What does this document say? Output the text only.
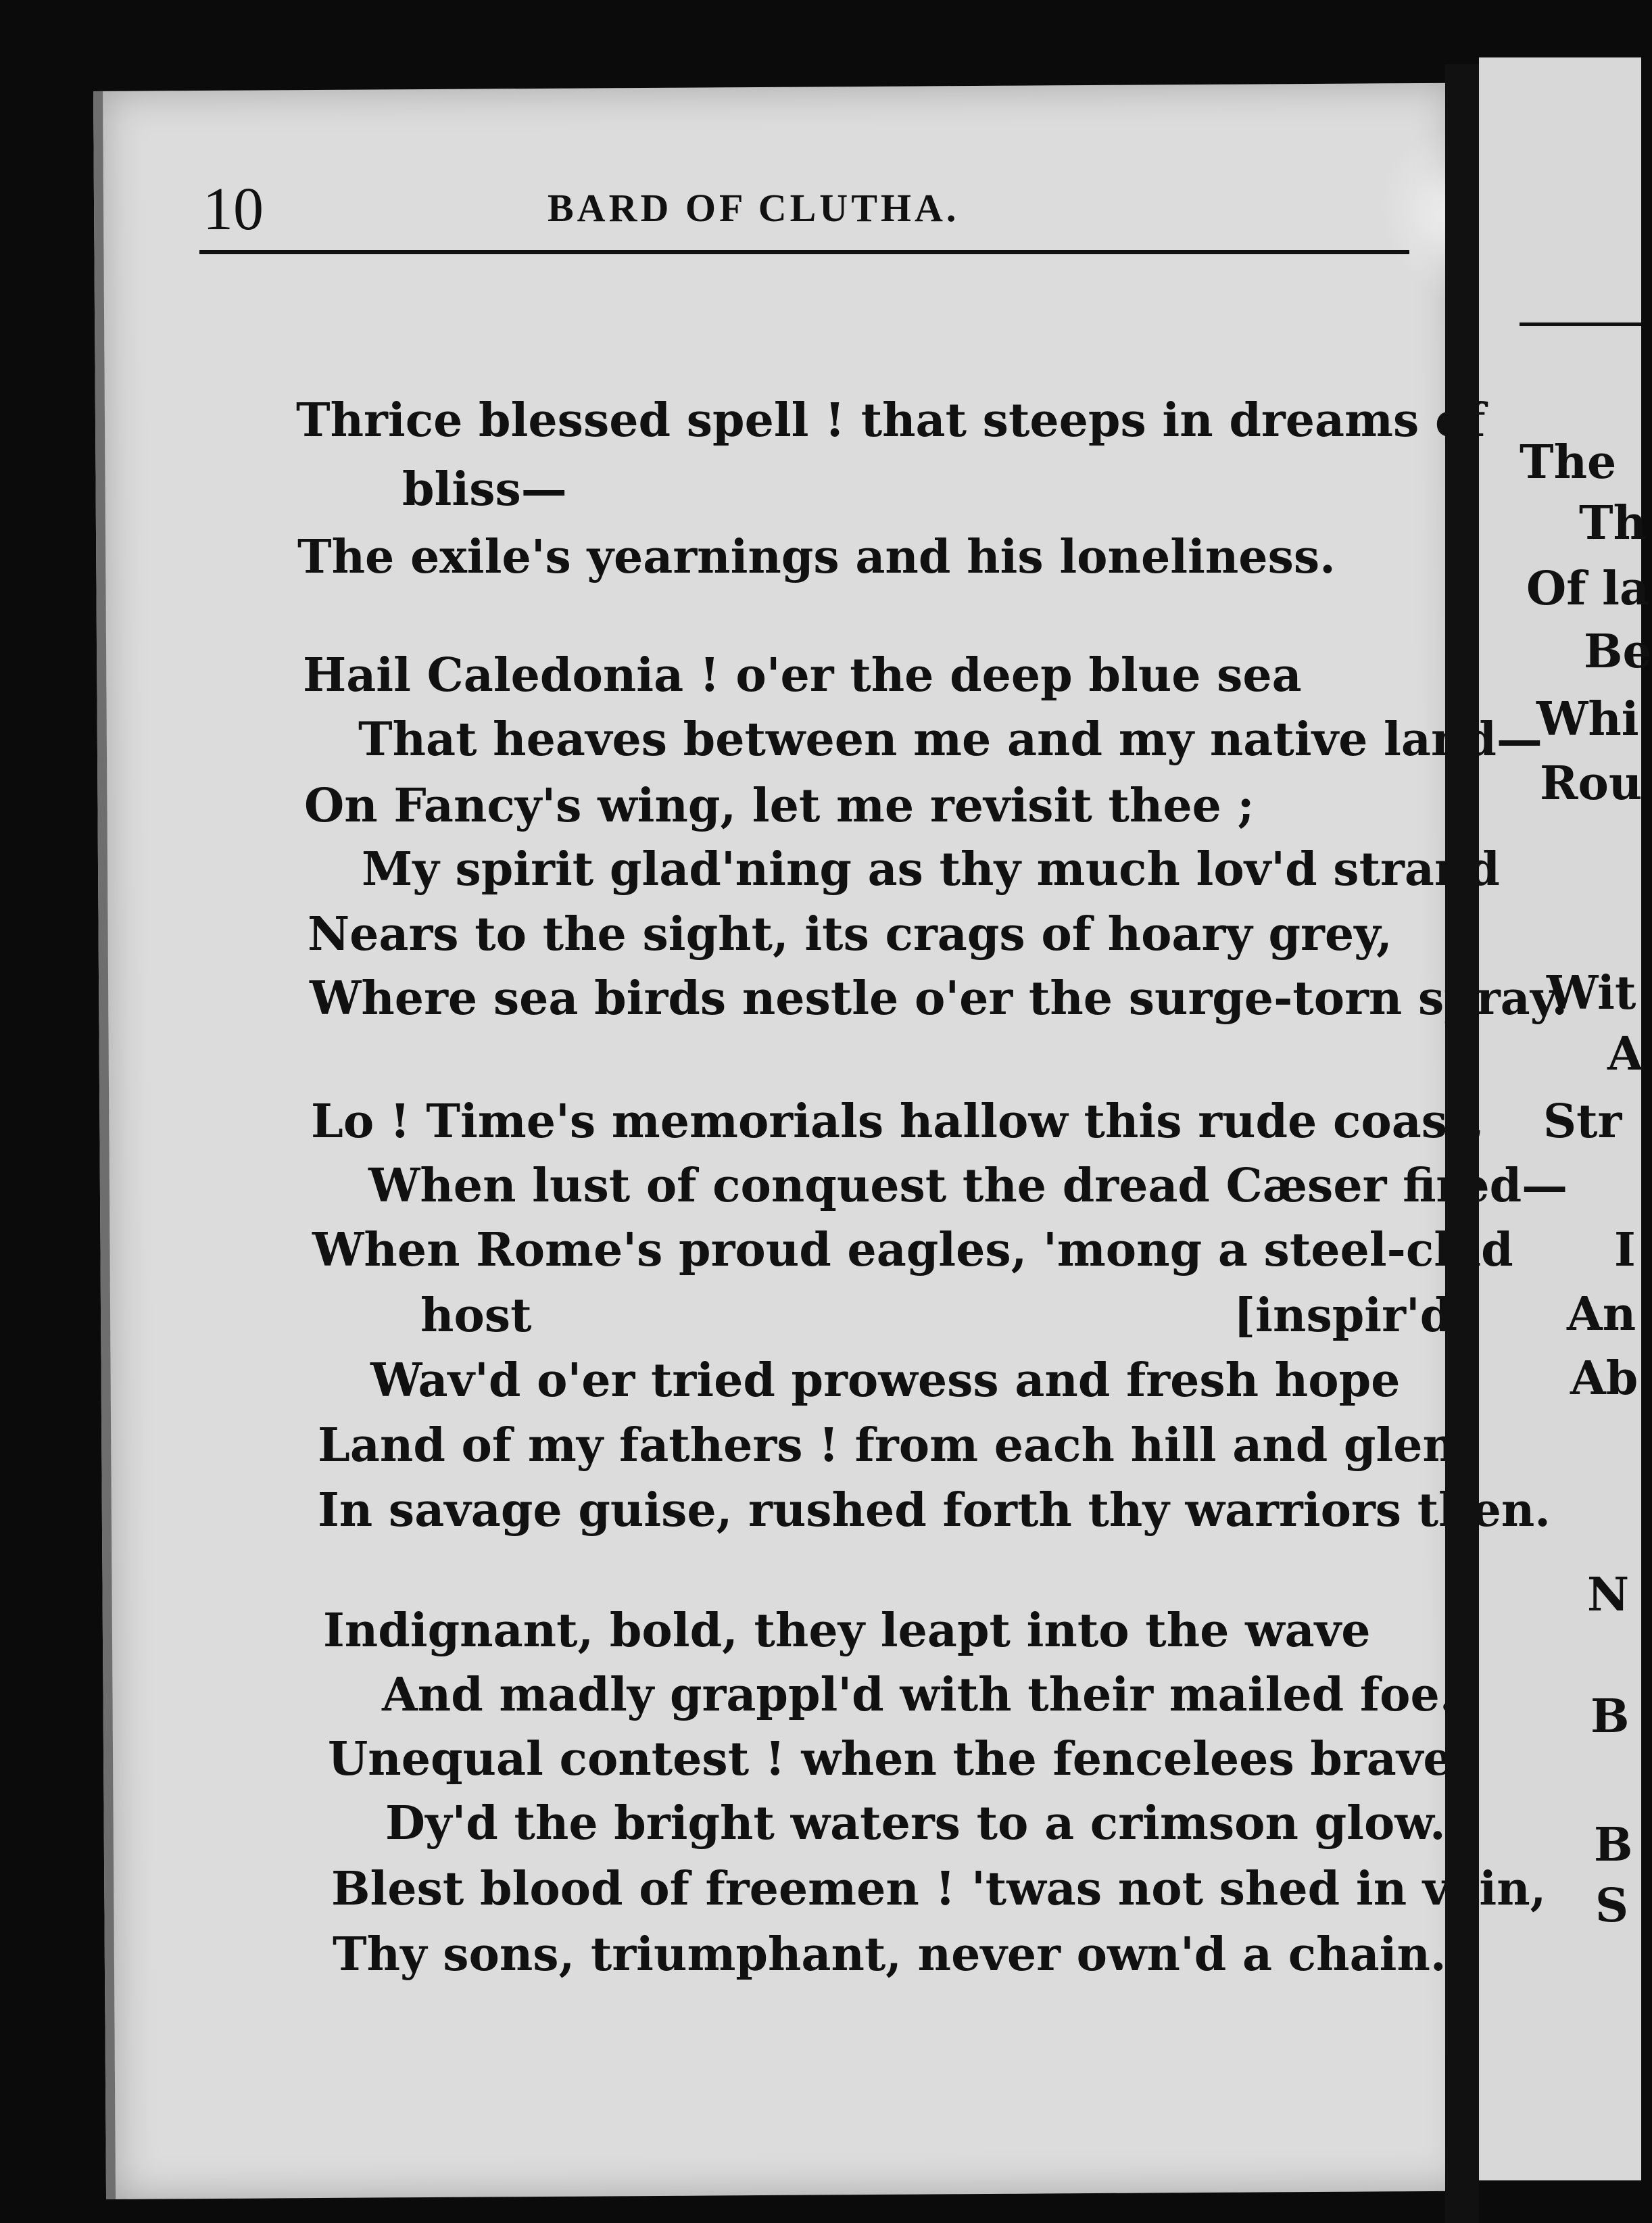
10	BARD OF CLUTHA.
Thrice blessed spell ! that steeps in dreams of
bliss—
The exile's yearnings and his loneliness.
Hail Caledonia ! o'er the deep blue sea
That heaves between me and my native land—
On Fancy's wing, let me revisit thee ;
My spirit glad'ning as thy much lov'd strand
Nears to the sight, its crags of hoary grey,
Where sea birds nestle o'er the surge-torn spray.
Lo ! Time's memorials hallow this rude coast,
When lust of conquest the dread Cæser fired—
When Rome's proud eagles, 'mong a steel-clad
host	[inspir'd.
Wav'd o'er tried prowess and fresh hope
Land of my fathers ! from each hill and glen,
In savage guise, rushed forth thy warriors then.
Indignant, bold, they leapt into the wave
And madly grappl'd with their mailed foe.
Unequal contest ! when the fencelees brave
Dy'd the bright waters to a crimson glow.
Blest blood of freemen ! 'twas not shed in vain,
Thy sons, triumphant, never own'd a chain.
The
Th
Of la
Be
Whi
Rou
Wit
A
Str
I
An
Ab
N
B
B
S
